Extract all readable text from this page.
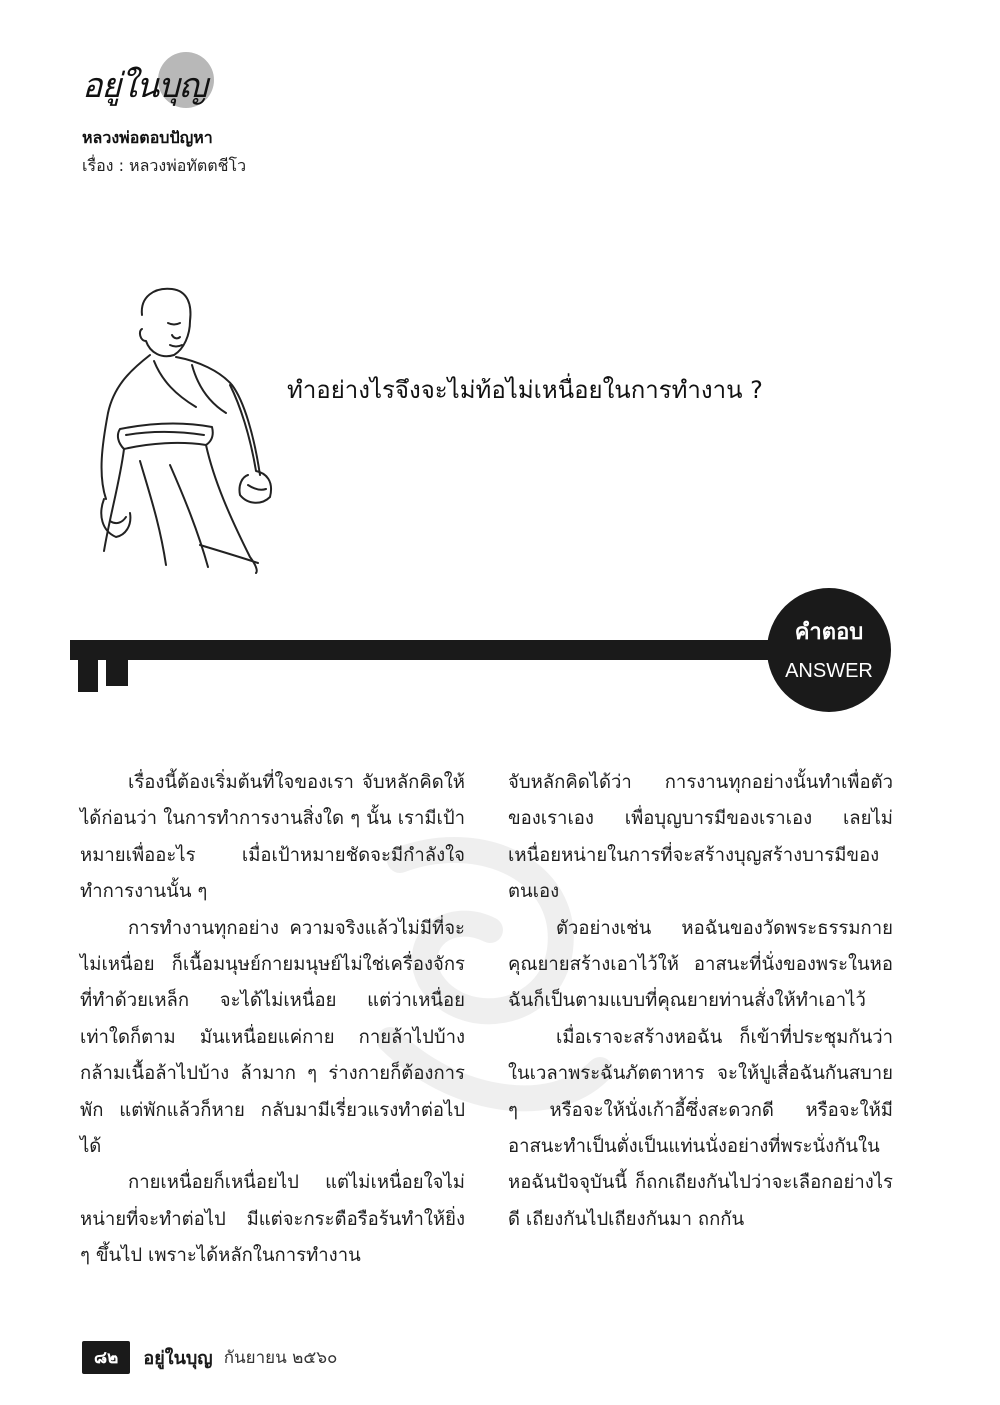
อยู่ในบุญ
หลวงพ่อตอบปัญหา
เรื่อง : หลวงพ่อทัตตชีโว
ทำอย่างไรจึงจะไม่ท้อไม่เหนื่อยในการทำงาน ?
คำตอบ
ANSWER

เรื่องนี้ต้องเริ่มต้นที่ใจของเรา จับหลักคิดให้ได้ก่อนว่า ในการทำการงานสิ่งใด ๆ นั้น เรามีเป้าหมายเพื่ออะไร เมื่อเป้าหมายชัดจะมีกำลังใจทำการงานนั้น ๆ

การทำงานทุกอย่าง ความจริงแล้วไม่มีที่จะไม่เหนื่อย ก็เนื้อมนุษย์กายมนุษย์ไม่ใช่เครื่องจักรที่ทำด้วยเหล็ก จะได้ไม่เหนื่อย แต่ว่าเหนื่อยเท่าใดก็ตาม มันเหนื่อยแค่กาย กายล้าไปบ้าง กล้ามเนื้อล้าไปบ้าง ล้ามาก ๆ ร่างกายก็ต้องการพัก แต่พักแล้วก็หาย กลับมามีเรี่ยวแรงทำต่อไปได้

กายเหนื่อยก็เหนื่อยไป แต่ไม่เหนื่อยใจไม่หน่ายที่จะทำต่อไป มีแต่จะกระตือรือร้นทำให้ยิ่ง ๆ ขึ้นไป เพราะได้หลักในการทำงาน

จับหลักคิดได้ว่า การงานทุกอย่างนั้นทำเพื่อตัวของเราเอง เพื่อบุญบารมีของเราเอง เลยไม่เหนื่อยหน่ายในการที่จะสร้างบุญสร้างบารมีของตนเอง

ตัวอย่างเช่น หอฉันของวัดพระธรรมกาย คุณยายสร้างเอาไว้ให้ อาสนะที่นั่งของพระในหอฉันก็เป็นตามแบบที่คุณยายท่านสั่งให้ทำเอาไว้

เมื่อเราจะสร้างหอฉัน ก็เข้าที่ประชุมกันว่า ในเวลาพระฉันภัตตาหาร จะให้ปูเสื่อฉันกันสบาย ๆ หรือจะให้นั่งเก้าอี้ซึ่งสะดวกดี หรือจะให้มีอาสนะทำเป็นตั่งเป็นแท่นนั่งอย่างที่พระนั่งกันในหอฉันปัจจุบันนี้ ก็ถกเถียงกันไปว่าจะเลือกอย่างไรดี เถียงกันไปเถียงกันมา ถกกัน

๘๒ อยู่ในบุญ กันยายน ๒๕๖๐
